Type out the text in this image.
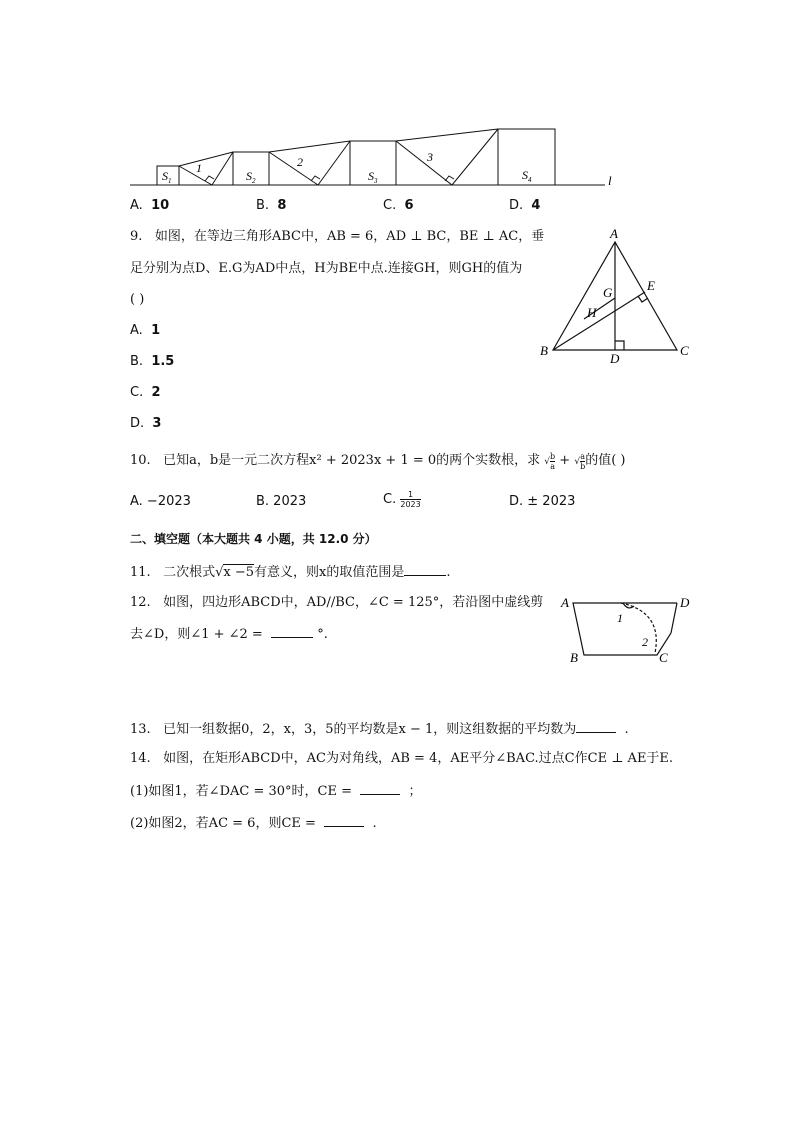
$S_1$
1
$S_2$
2
$S_3$
3
$S_4$	l
A. 10	B. 8	C. 6	D. 4
9. 如图，在等边三角形ABC中，AB = 6，AD ⊥ BC，BE ⊥ AC，垂
足分别为点D、E.G为AD中点，H为BE中点.连接GH，则GH的值为
( )
A. 1
B. 1.5
C. 2
D. 3
A
B	C
D
E
G
H
10. 已知a，b是一元二次方程x² + 2023x + 1 = 0的两个实数根，求 √ $\frac{b}{a}$ + √ $\frac{a}{b}$ 的值( )
A. −2023	B. 2023	C. $\frac{1}{2023}$	D. ± 2023
二、填空题（本大题共 4 小题，共 12.0 分）
11. 二次根式√x −5有意义，则x的取值范围是	.
12. 如图，四边形ABCD中，AD//BC，∠C = 125°，若沿图中虚线剪
去∠D，则∠1 + ∠2 =	°.
A	D
B	C
1
2
13. 已知一组数据0，2，x，3，5的平均数是x − 1，则这组数据的平均数为	.
14. 如图，在矩形ABCD中，AC为对角线，AB = 4，AE平分∠BAC.过点C作CE ⊥ AE于E.
(1)如图1，若∠DAC = 30°时，CE =	；
(2)如图2，若AC = 6，则CE =	.
